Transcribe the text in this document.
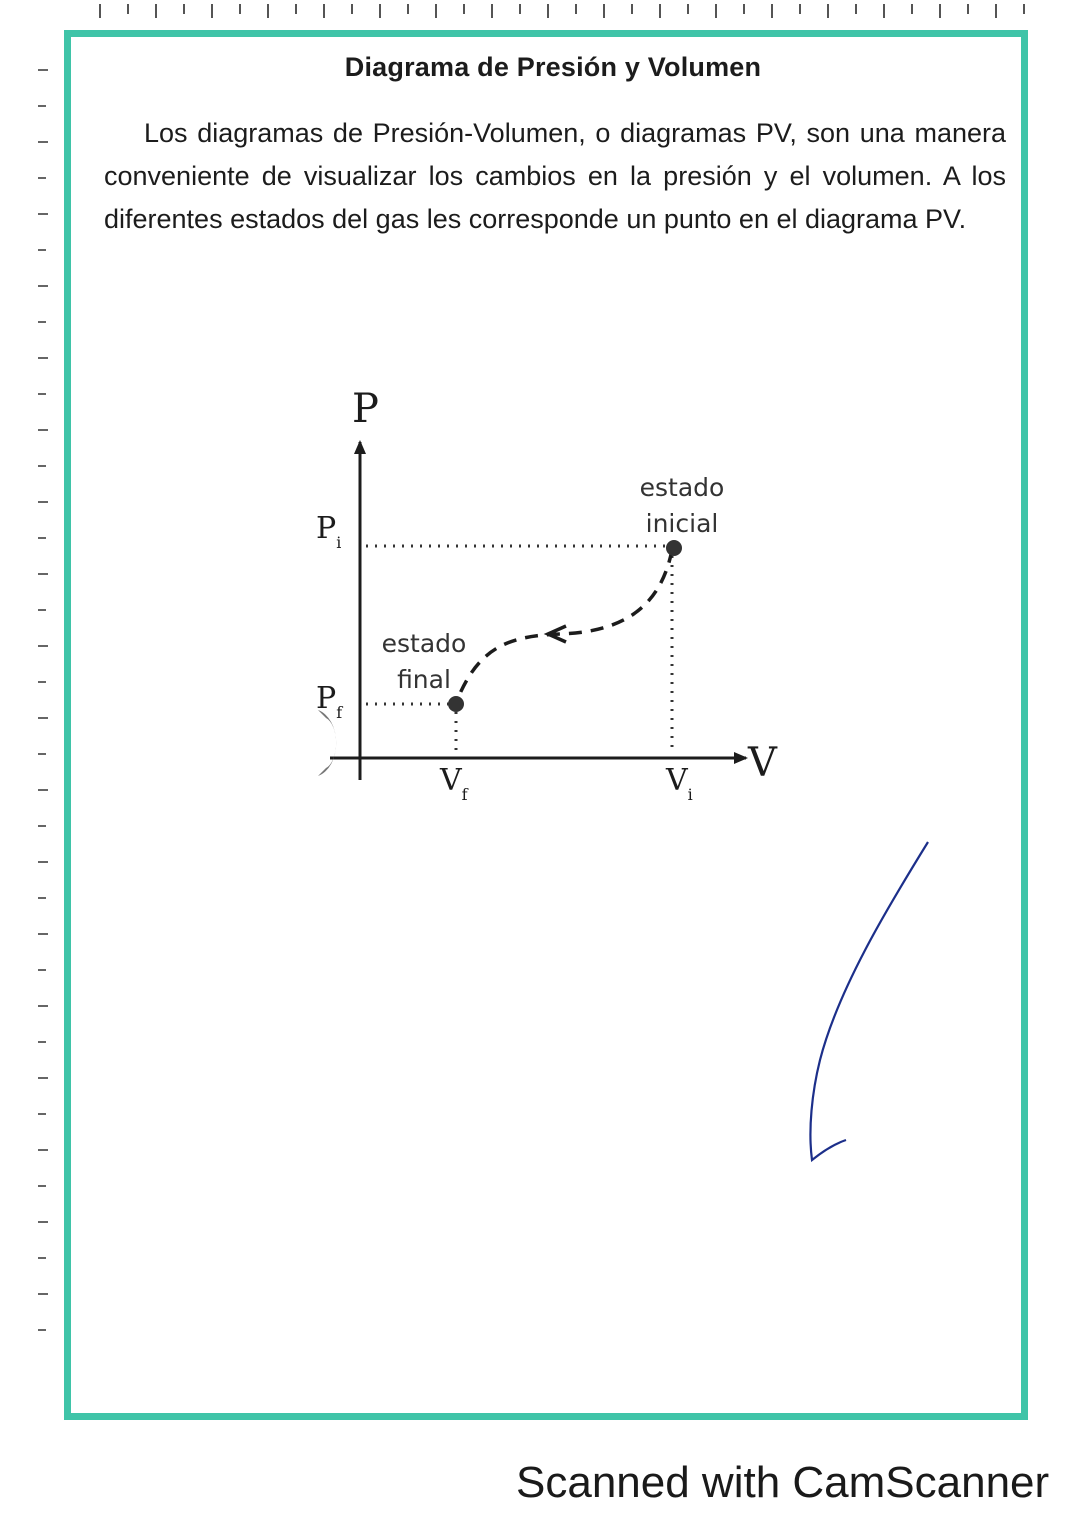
Diagrama de Presión y Volumen
Los diagramas de Presión-Volumen, o diagramas PV, son una manera conveniente de visualizar los cambios en la presión y el volumen. A los diferentes estados del gas les corresponde un punto en el diagrama PV.
P
V
$P_i$
$P_f$
$V_f$	$V_i$
estado inicial
estado final
Scanned with CamScanner
